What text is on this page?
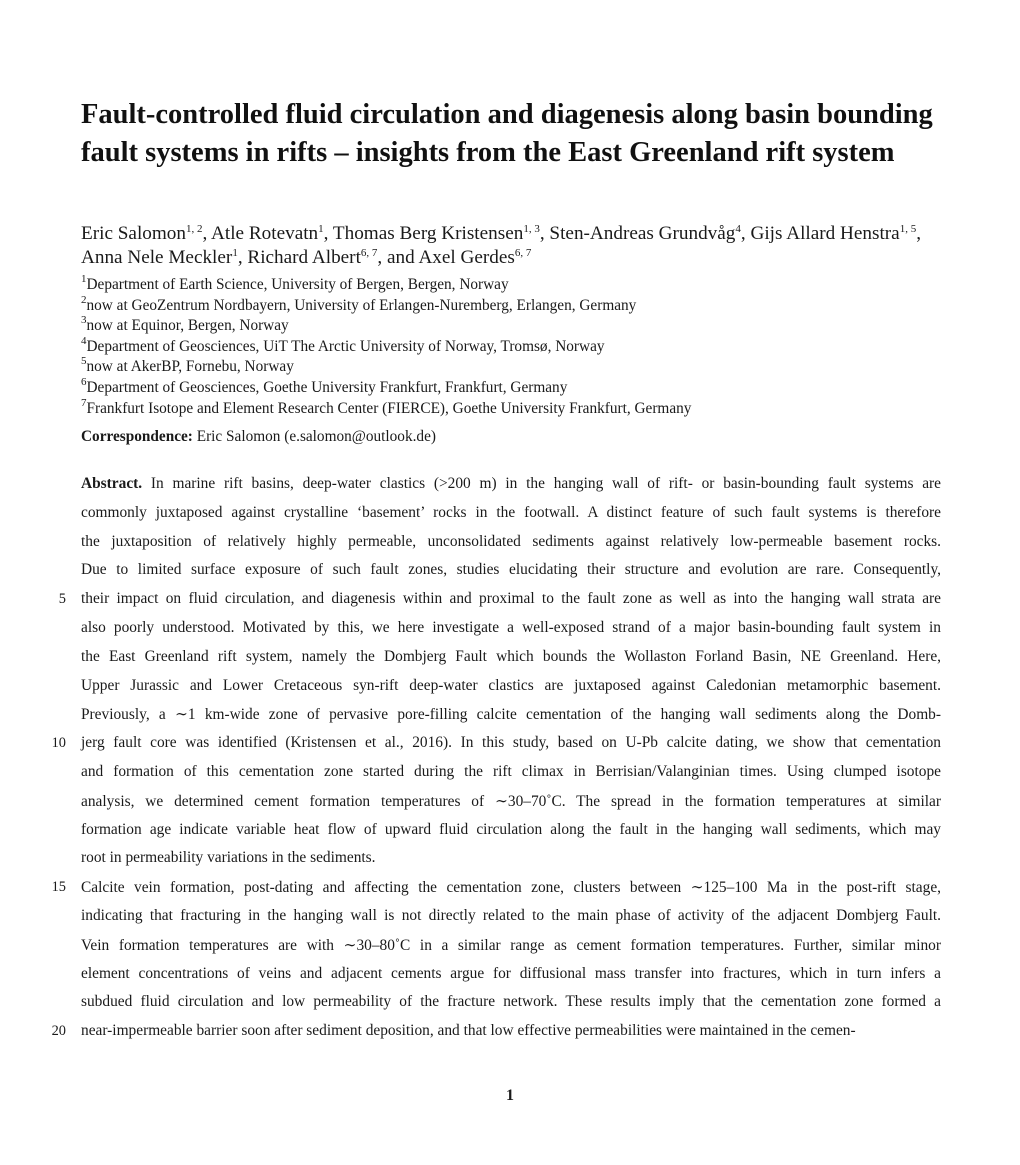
Fault-controlled fluid circulation and diagenesis along basin bounding fault systems in rifts – insights from the East Greenland rift system
Eric Salomon$^{1, 2}$, Atle Rotevatn$^1$, Thomas Berg Kristensen$^{1, 3}$, Sten-Andreas Grundvåg$^4$, Gijs Allard Henstra$^{1, 5}$, Anna Nele Meckler$^1$, Richard Albert$^{6, 7}$, and Axel Gerdes$^{6, 7}$
$^1$Department of Earth Science, University of Bergen, Bergen, Norway
$^2$now at GeoZentrum Nordbayern, University of Erlangen-Nuremberg, Erlangen, Germany
$^3$now at Equinor, Bergen, Norway
$^4$Department of Geosciences, UiT The Arctic University of Norway, Tromsø, Norway
$^5$now at AkerBP, Fornebu, Norway
$^6$Department of Geosciences, Goethe University Frankfurt, Frankfurt, Germany
$^7$Frankfurt Isotope and Element Research Center (FIERCE), Goethe University Frankfurt, Germany
Correspondence: Eric Salomon (e.salomon@outlook.de)
Abstract. In marine rift basins, deep-water clastics (>200 m) in the hanging wall of rift- or basin-bounding fault systems are
commonly juxtaposed against crystalline ‘basement’ rocks in the footwall. A distinct feature of such fault systems is therefore
the juxtaposition of relatively highly permeable, unconsolidated sediments against relatively low-permeable basement rocks.
Due to limited surface exposure of such fault zones, studies elucidating their structure and evolution are rare. Consequently,
their impact on fluid circulation, and diagenesis within and proximal to the fault zone as well as into the hanging wall strata are
also poorly understood. Motivated by this, we here investigate a well-exposed strand of a major basin-bounding fault system in
the East Greenland rift system, namely the Dombjerg Fault which bounds the Wollaston Forland Basin, NE Greenland. Here,
Upper Jurassic and Lower Cretaceous syn-rift deep-water clastics are juxtaposed against Caledonian metamorphic basement.
Previously, a ∼1 km-wide zone of pervasive pore-filling calcite cementation of the hanging wall sediments along the Domb-
jerg fault core was identified (Kristensen et al., 2016). In this study, based on U-Pb calcite dating, we show that cementation
and formation of this cementation zone started during the rift climax in Berrisian/Valanginian times. Using clumped isotope
analysis, we determined cement formation temperatures of ∼30–70˚C. The spread in the formation temperatures at similar
formation age indicate variable heat flow of upward fluid circulation along the fault in the hanging wall sediments, which may
root in permeability variations in the sediments.
Calcite vein formation, post-dating and affecting the cementation zone, clusters between ∼125–100 Ma in the post-rift stage,
indicating that fracturing in the hanging wall is not directly related to the main phase of activity of the adjacent Dombjerg Fault.
Vein formation temperatures are with ∼30–80˚C in a similar range as cement formation temperatures. Further, similar minor
element concentrations of veins and adjacent cements argue for diffusional mass transfer into fractures, which in turn infers a
subdued fluid circulation and low permeability of the fracture network. These results imply that the cementation zone formed a
near-impermeable barrier soon after sediment deposition, and that low effective permeabilities were maintained in the cemen-
5
10
15
20
1
